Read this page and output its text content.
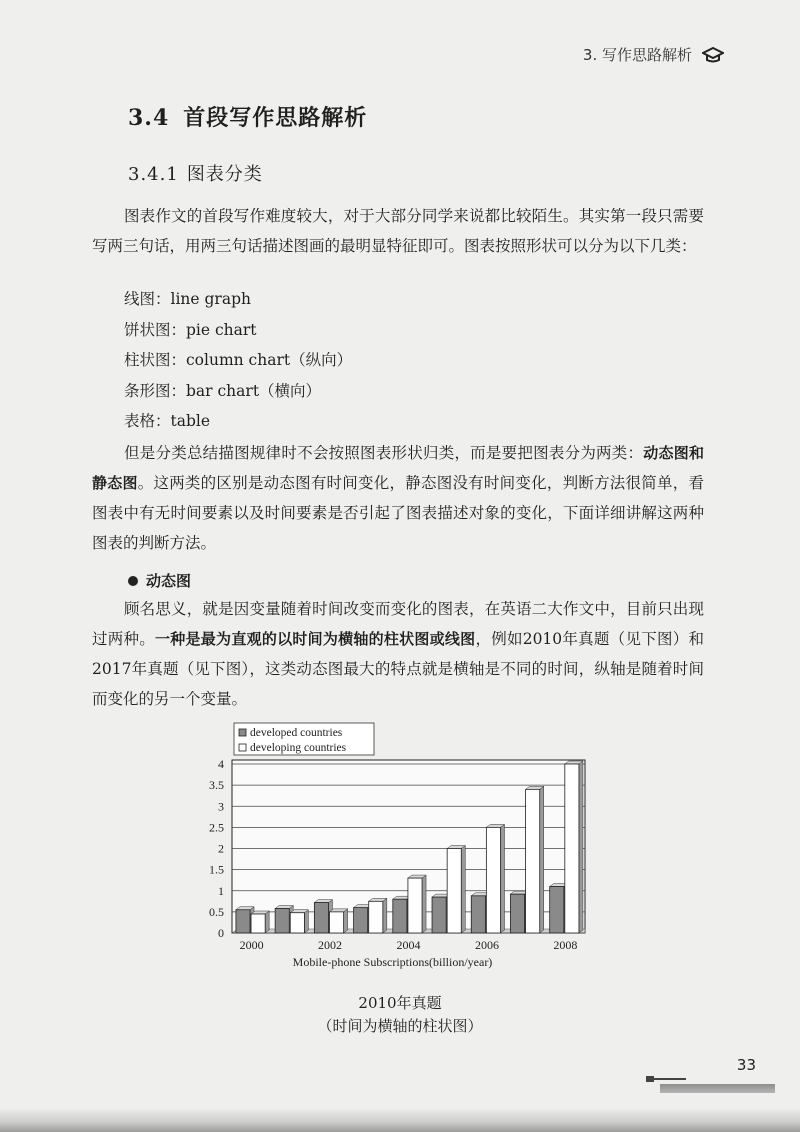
3. 写作思路解析
3.4 首段写作思路解析
3.4.1 图表分类
图表作文的首段写作难度较大，对于大部分同学来说都比较陌生。其实第一段只需要写两三句话，用两三句话描述图画的最明显特征即可。图表按照形状可以分为以下几类：
线图：line graph
饼状图：pie chart
柱状图：column chart（纵向）
条形图：bar chart（横向）
表格：table
但是分类总结描图规律时不会按照图表形状归类，而是要把图表分为两类：动态图和静态图。这两类的区别是动态图有时间变化，静态图没有时间变化，判断方法很简单，看图表中有无时间要素以及时间要素是否引起了图表描述对象的变化，下面详细讲解这两种图表的判断方法。
动态图
顾名思义，就是因变量随着时间改变而变化的图表，在英语二大作文中，目前只出现过两种。一种是最为直观的以时间为横轴的柱状图或线图，例如2010年真题（见下图）和2017年真题（见下图），这类动态图最大的特点就是横轴是不同的时间，纵轴是随着时间而变化的另一个变量。
0
0.5
1
1.5
2
2.5
3
3.5
4
2000	2002	2004	2006	2008
Mobile-phone Subscriptions(billion/year)
developed countries
developing countries
2010年真题
（时间为横轴的柱状图）
33
